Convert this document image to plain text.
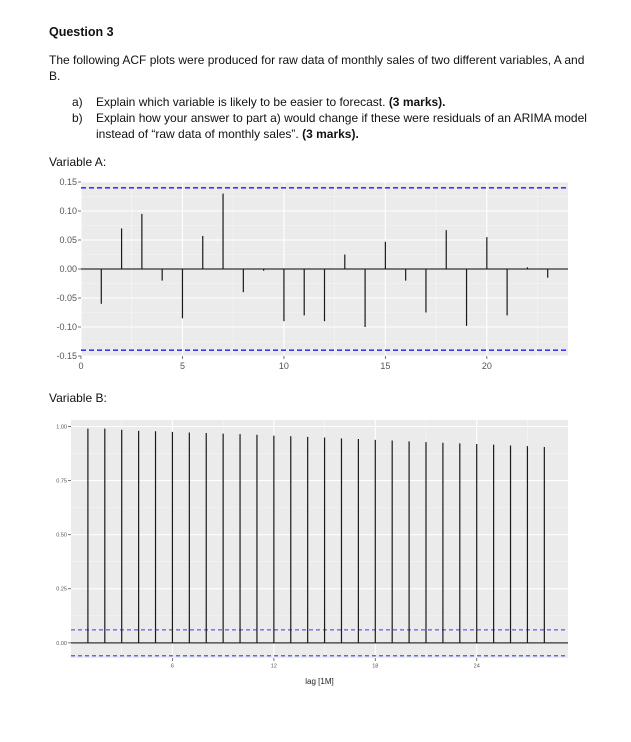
Question 3
The following ACF plots were produced for raw data of monthly sales of two different variables, A and B.
a)	Explain which variable is likely to be easier to forecast. (3 marks).
b)	Explain how your answer to part a) would change if these were residuals of an ARIMA model instead of “raw data of monthly sales”. (3 marks).
Variable A:
Variable B:
0.15
0.10
0.05
0.00
-0.05
-0.10
-0.15
0	5	10	15	20
1.00
0.75
0.50
0.25
0.00
6	12	18	24
lag [1M]
